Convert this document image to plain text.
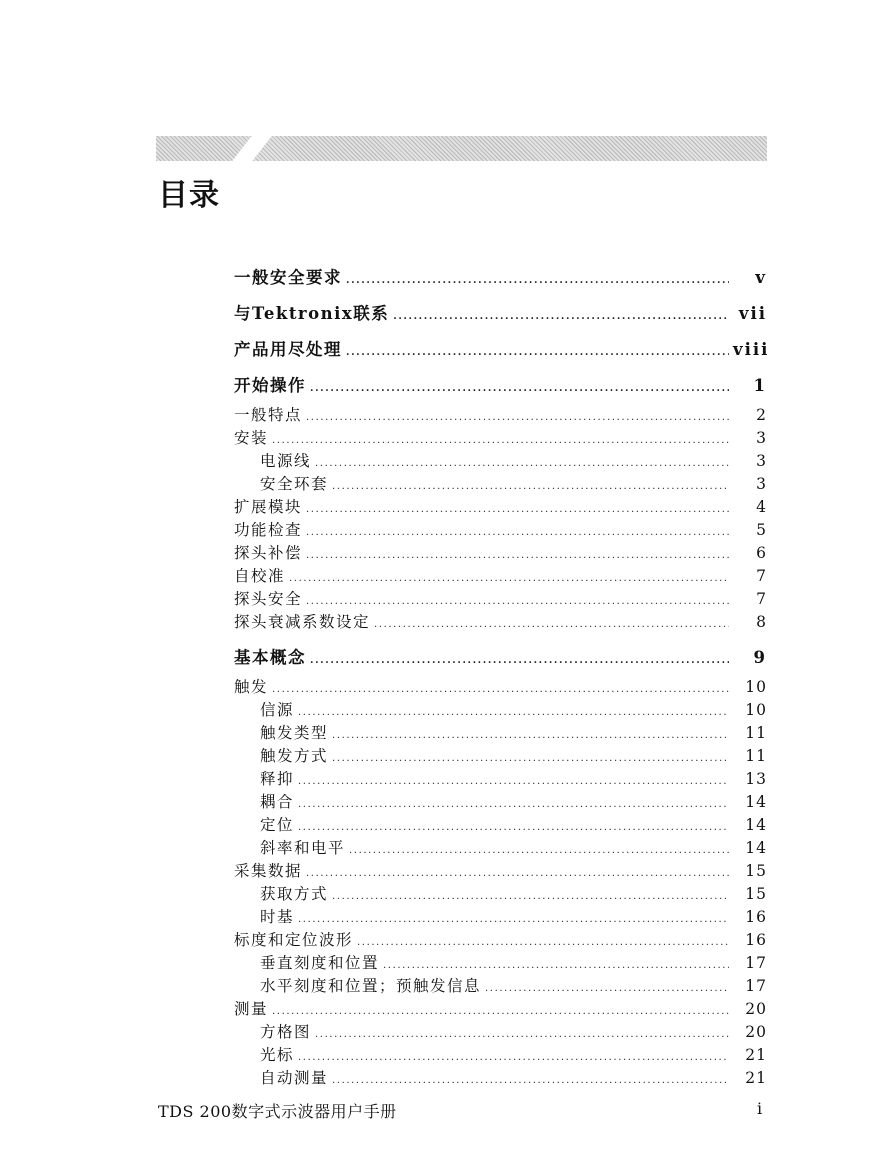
目录
一般安全要求 .....	v
与Tektronix联系 .....	vii
产品用尽处理 .....	viii
开始操作 .....	1
一般特点 .....	2
安装 .....	3
电源线 .....	3
安全环套 .....	3
扩展模块 .....	4
功能检查 .....	5
探头补偿 .....	6
自校准 .....	7
探头安全 .....	7
探头衰减系数设定 .....	8
基本概念 .....	9
触发 .....	10
信源 .....	10
触发类型 .....	11
触发方式 .....	11
释抑 .....	13
耦合 .....	14
定位 .....	14
斜率和电平 .....	14
采集数据 .....	15
获取方式 .....	15
时基 .....	16
标度和定位波形 .....	16
垂直刻度和位置 .....	17
水平刻度和位置；预触发信息 .....	17
测量 .....	20
方格图 .....	20
光标 .....	21
自动测量 .....	21
TDS 200数字式示波器用户手册	i
